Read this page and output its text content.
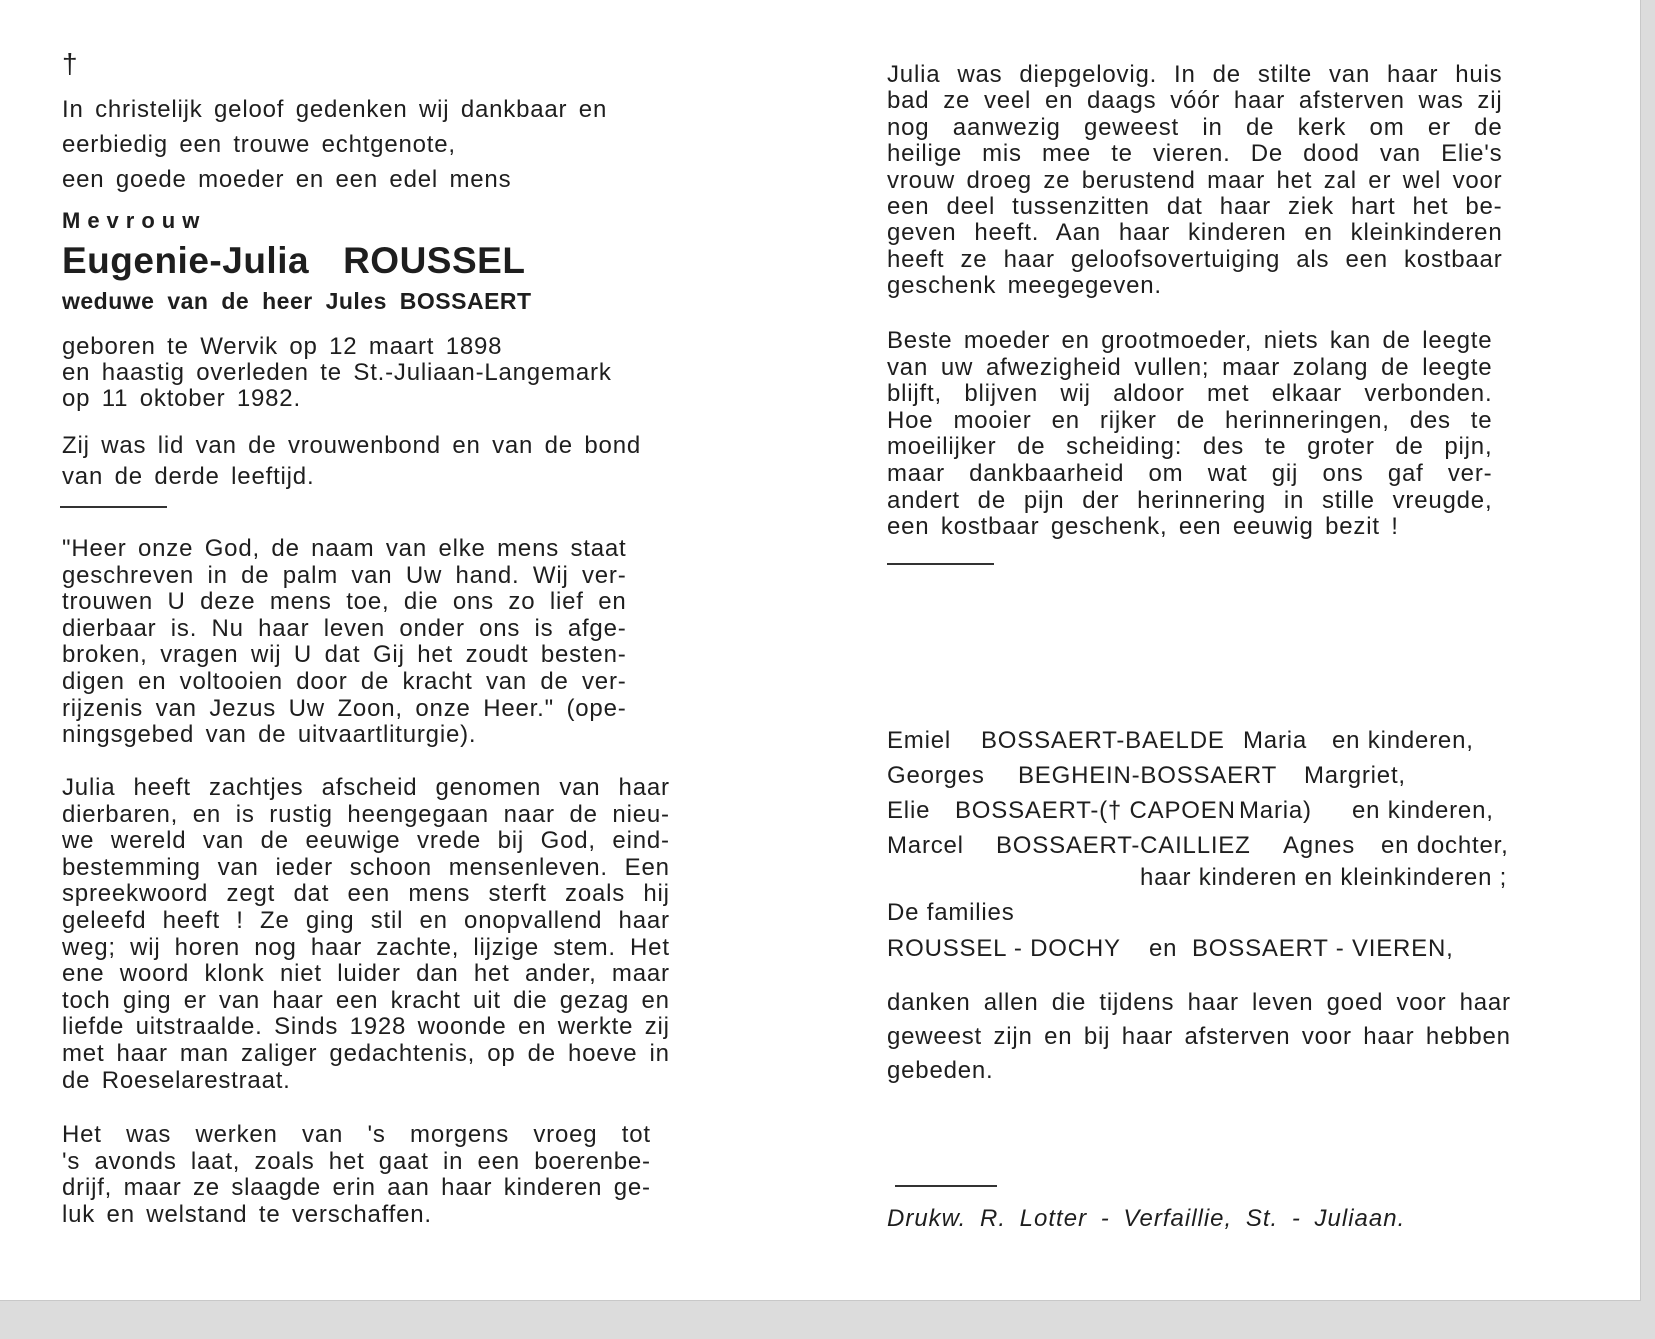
†

In christelijk geloof gedenken wij dankbaar en
eerbiedig een trouwe echtgenote,
een goede moeder en een edel mens

Mevrouw
Eugenie-Julia ROUSSEL
weduwe van de heer Jules BOSSAERT

geboren te Wervik op 12 maart 1898
en haastig overleden te St.-Juliaan-Langemark
op 11 oktober 1982.

Zij was lid van de vrouwenbond en van de bond
van de derde leeftijd.

"Heer onze God, de naam van elke mens staat
geschreven in de palm van Uw hand. Wij ver-
trouwen U deze mens toe, die ons zo lief en
dierbaar is. Nu haar leven onder ons is afge-
broken, vragen wij U dat Gij het zoudt besten-
digen en voltooien door de kracht van de ver-
rijzenis van Jezus Uw Zoon, onze Heer." (ope-
ningsgebed van de uitvaartliturgie).

Julia heeft zachtjes afscheid genomen van haar
dierbaren, en is rustig heengegaan naar de nieu-
we wereld van de eeuwige vrede bij God, eind-
bestemming van ieder schoon mensenleven. Een
spreekwoord zegt dat een mens sterft zoals hij
geleefd heeft ! Ze ging stil en onopvallend haar
weg; wij horen nog haar zachte, lijzige stem. Het
ene woord klonk niet luider dan het ander, maar
toch ging er van haar een kracht uit die gezag en
liefde uitstraalde. Sinds 1928 woonde en werkte zij
met haar man zaliger gedachtenis, op de hoeve in
de Roeselarestraat.

Het was werken van 's morgens vroeg tot
's avonds laat, zoals het gaat in een boerenbe-
drijf, maar ze slaagde erin aan haar kinderen ge-
luk en welstand te verschaffen.

Julia was diepgelovig. In de stilte van haar huis
bad ze veel en daags vóór haar afsterven was zij
nog aanwezig geweest in de kerk om er de
heilige mis mee te vieren. De dood van Elie's
vrouw droeg ze berustend maar het zal er wel voor
een deel tussenzitten dat haar ziek hart het be-
geven heeft. Aan haar kinderen en kleinkinderen
heeft ze haar geloofsovertuiging als een kostbaar
geschenk meegegeven.

Beste moeder en grootmoeder, niets kan de leegte
van uw afwezigheid vullen; maar zolang de leegte
blijft, blijven wij aldoor met elkaar verbonden.
Hoe mooier en rijker de herinneringen, des te
moeilijker de scheiding: des te groter de pijn,
maar dankbaarheid om wat gij ons gaf ver-
andert de pijn der herinnering in stille vreugde,
een kostbaar geschenk, een eeuwig bezit !

Emiel BOSSAERT-BAELDE Maria en kinderen,
Georges BEGHEIN-BOSSAERT Margriet,
Elie BOSSAERT-(† CAPOEN Maria) en kinderen,
Marcel BOSSAERT-CAILLIEZ Agnes en dochter,
haar kinderen en kleinkinderen ;
De families
ROUSSEL - DOCHY en BOSSAERT - VIEREN,

danken allen die tijdens haar leven goed voor haar
geweest zijn en bij haar afsterven voor haar hebben
gebeden.

Drukw. R. Lotter - Verfaillie, St. - Juliaan.
